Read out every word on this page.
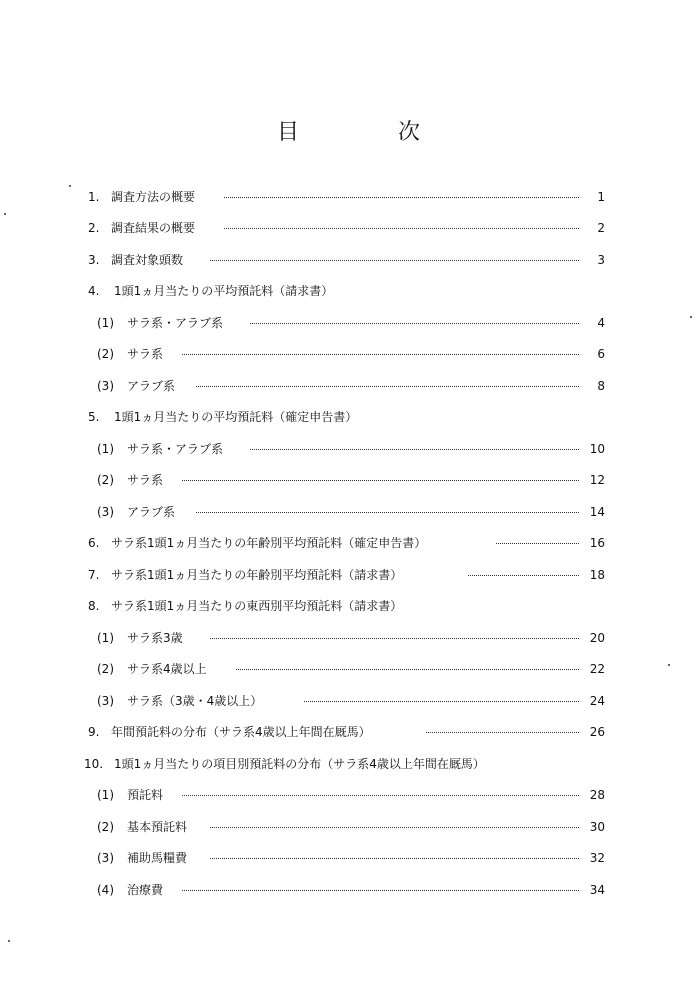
目	次
1. 調査方法の概要	1
2. 調査結果の概要	2
3. 調査対象頭数	3
4. 1頭1ヵ月当たりの平均預託料（請求書）
(1) サラ系・アラブ系	4
(2) サラ系	6
(3) アラブ系	8
5. 1頭1ヵ月当たりの平均預託料（確定申告書）
(1) サラ系・アラブ系	10
(2) サラ系	12
(3) アラブ系	14
6. サラ系1頭1ヵ月当たりの年齢別平均預託料（確定申告書）	16
7. サラ系1頭1ヵ月当たりの年齢別平均預託料（請求書）	18
8. サラ系1頭1ヵ月当たりの東西別平均預託料（請求書）
(1) サラ系3歳	20
(2) サラ系4歳以上	22
(3) サラ系（3歳・4歳以上）	24
9. 年間預託料の分布（サラ系4歳以上年間在厩馬）	26
10. 1頭1ヵ月当たりの項目別預託料の分布（サラ系4歳以上年間在厩馬）
(1) 預託料	28
(2) 基本預託料	30
(3) 補助馬糧費	32
(4) 治療費	34
